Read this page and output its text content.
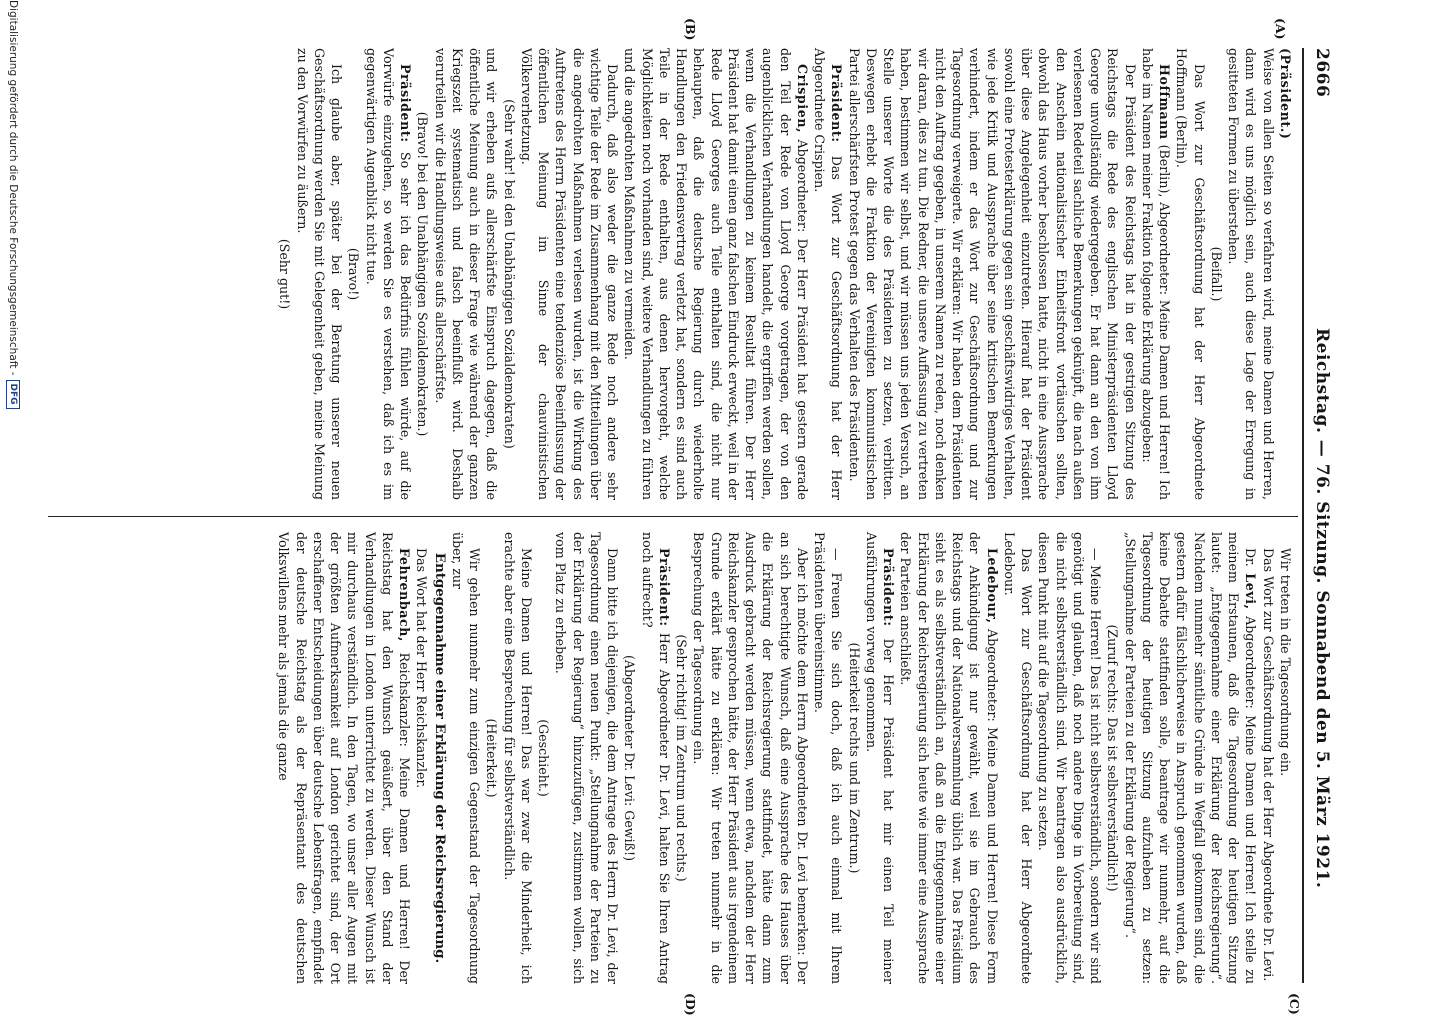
2666
Reichstag. — 76. Sitzung. Sonnabend den 5. März 1921.
(A)
(B)
(C)
(D)

(Präsident.)

Weise von allen Seiten so verfahren wird, meine Damen und Herren, dann wird es uns möglich sein, auch diese Lage der Erregung in gesitteten Formen zu überstehen.

(Beifall.)

Das Wort zur Geschäftsordnung hat der Herr Abgeordnete Hoffmann (Berlin).

Hoffmann (Berlin), Abgeordneter: Meine Damen und Herren! Ich habe im Namen meiner Fraktion folgende Erklärung abzugeben:

Der Präsident des Reichstags hat in der gestrigen Sitzung des Reichstags die Rede des englischen Ministerpräsidenten Lloyd George unvollständig wiedergegeben. Er hat dann an den von ihm verlesenen Redeteil sachliche Bemerkungen geknüpft, die nach außen den Anschein nationalistischer Einheitsfront vortäuschen sollten, obwohl das Haus vorher beschlossen hatte, nicht in eine Aussprache über diese Angelegenheit einzutreten. Hierauf hat der Präsident sowohl eine Protesterklärung gegen sein geschäftswidriges Verhalten, wie jede Kritik und Aussprache über seine kritischen Bemerkungen verhindert, indem er das Wort zur Geschäftsordnung und zur Tagesordnung verweigerte. Wir erklären: Wir haben dem Präsidenten nicht den Auftrag gegeben, in unserem Namen zu reden, noch denken wir daran, dies zu tun. Die Redner, die unsere Auffassung zu vertreten haben, bestimmen wir selbst, und wir müssen uns jeden Versuch, an Stelle unserer Worte die des Präsidenten zu setzen, verbitten. Deswegen erhebt die Fraktion der Vereinigten kommunistischen Partei allerschärfsten Protest gegen das Verhalten des Präsidenten.

Präsident: Das Wort zur Geschäftsordnung hat der Herr Abgeordnete Crispien.

Crispien, Abgeordneter: Der Herr Präsident hat gestern gerade den Teil der Rede von Lloyd George vorgetragen, der von den augenblicklichen Verhandlungen handelt, die ergriffen werden sollen, wenn die Verhandlungen zu keinem Resultat führen. Der Herr Präsident hat damit einen ganz falschen Eindruck erweckt, weil in der Rede Lloyd Georges auch Teile enthalten sind, die nicht nur behaupten, daß die deutsche Regierung durch wiederholte Handlungen den Friedensvertrag verletzt hat, sondern es sind auch Teile in der Rede enthalten, aus denen hervorgeht, welche Möglichkeiten noch vorhanden sind, weitere Verhandlungen zu führen und die angedrohten Maßnahmen zu vermeiden.

Dadurch, daß also weder die ganze Rede noch andere sehr wichtige Teile der Rede im Zusammenhang mit den Mitteilungen über die angedrohten Maßnahmen verlesen wurden, ist die Wirkung des Auftretens des Herrn Präsidenten eine tendenziöse Beeinflussung der öffentlichen Meinung im Sinne der chauvinistischen Völkerverhetzung.

(Sehr wahr! bei den Unabhängigen Sozialdemokraten)

und wir erheben aufs allerschärfste Einspruch dagegen, daß die öffentliche Meinung auch in dieser Frage wie während der ganzen Kriegszeit systematisch und falsch beeinflußt wird. Deshalb verurteilen wir die Handlungsweise aufs allerschärfste.

(Bravo! bei den Unabhängigen Sozialdemokraten.)

Präsident: So sehr ich das Bedürfnis fühlen würde, auf die Vorwürfe einzugehen, so werden Sie es verstehen, daß ich es im gegenwärtigen Augenblick nicht tue.

(Bravo!)

Ich glaube aber, später bei der Beratung unserer neuen Geschäftsordnung werden Sie mit Gelegenheit geben, meine Meinung zu den Vorwürfen zu äußern.

(Sehr gut!)

Wir treten in die Tagesordnung ein.

Das Wort zur Geschäftsordnung hat der Herr Abgeordnete Dr. Levi.

Dr. Levi, Abgeordneter: Meine Damen und Herren! Ich stelle zu meinem Erstaunen, daß die Tagesordnung der heutigen Sitzung lautet: „Entgegennahme einer Erklärung der Reichsregierung“. Nachdem nunmehr sämtliche Gründe in Wegfall gekommen sind, die gestern dafür fälschlicherweise in Anspruch genommen wurden, daß keine Debatte stattfinden solle, beantrage wir nunmehr, auf die Tagesordnung der heutigen Sitzung aufzuheben zu setzen: „Stellungnahme der Parteien zu der Erklärung der Regierung“.

(Zuruf rechts: Das ist selbstverständlich!)

— Meine Herren! Das ist nicht selbstverständlich, sondern wir sind genötigt und glauben, daß noch andere Dinge in Vorbereitung sind, die nicht selbstverständlich sind. Wir beantragen also ausdrücklich, diesen Punkt mit auf die Tagesordnung zu setzen.

Das Wort zur Geschäftsordnung hat der Herr Abgeordnete Ledebour.

Ledebour, Abgeordneter: Meine Damen und Herren! Diese Form der Ankündigung ist nur gewählt, weil sie im Gebrauch des Reichstags und der Nationalversammlung üblich war. Das Präsidium sieht es als selbstverständlich an, daß an die Entgegennahme einer Erklärung der Reichsregierung sich heute wie immer eine Aussprache der Parteien anschließt.

Präsident: Der Herr Präsident hat mir einen Teil meiner Ausführungen vorweg genommen.

(Heiterkeit rechts und im Zentrum.)

— Freuen Sie sich doch, daß ich auch einmal mit Ihrem Präsidenten übereinstimme.

Aber ich möchte dem Herrn Abgeordneten Dr. Levi bemerken: Der an sich berechtigte Wunsch, daß eine Aussprache des Hauses über die Erklärung der Reichsregierung stattfindet, hätte dann zum Ausdruck gebracht werden müssen, wenn etwa, nachdem der Herr Reichskanzler gesprochen hätte, der Herr Präsident aus irgendeinem Grunde erklärt hätte zu erklären: Wir treten nunmehr in die Besprechung der Tagesordnung ein.

(Sehr richtig! im Zentrum und rechts.)

Präsident: Herr Abgeordneter Dr. Levi, halten Sie Ihren Antrag noch aufrecht?

(Abgeordneter Dr. Levi: Gewiß!)

Dann bitte ich diejenigen, die dem Antrage des Herrn Dr. Levi, der Tagesordnung einen neuen Punkt: „Stellungnahme der Parteien zu der Erklärung der Regierung“ hinzuzufügen, zustimmen wollen, sich vom Platz zu erheben.

(Geschieht.)

Meine Damen und Herren! Das war zwar die Minderheit, ich erachte aber eine Besprechung für selbstverständlich.

(Heiterkeit.)

Wir gehen nunmehr zum einzigen Gegenstand der Tagesordnung über, zur

Entgegennahme einer Erklärung der Reichsregierung.

Das Wort hat der Herr Reichskanzler.

Fehrenbach, Reichskanzler: Meine Damen und Herren! Der Reichstag hat den Wunsch geäußert, über den Stand der Verhandlungen in London unterrichtet zu werden. Dieser Wunsch ist mir durchaus verständlich. In den Tagen, wo unser aller Augen mit der größten Aufmerksamkeit auf London gerichtet sind, der Ort erschaffener Entscheidungen über deutsche Lebensfragen, empfindet der deutsche Reichstag als der Repräsentant des deutschen Volkswillens mehr als jemals die ganze

Digitalisierung gefördert durch die Deutsche Forschungsgemeinschaft -DFG
